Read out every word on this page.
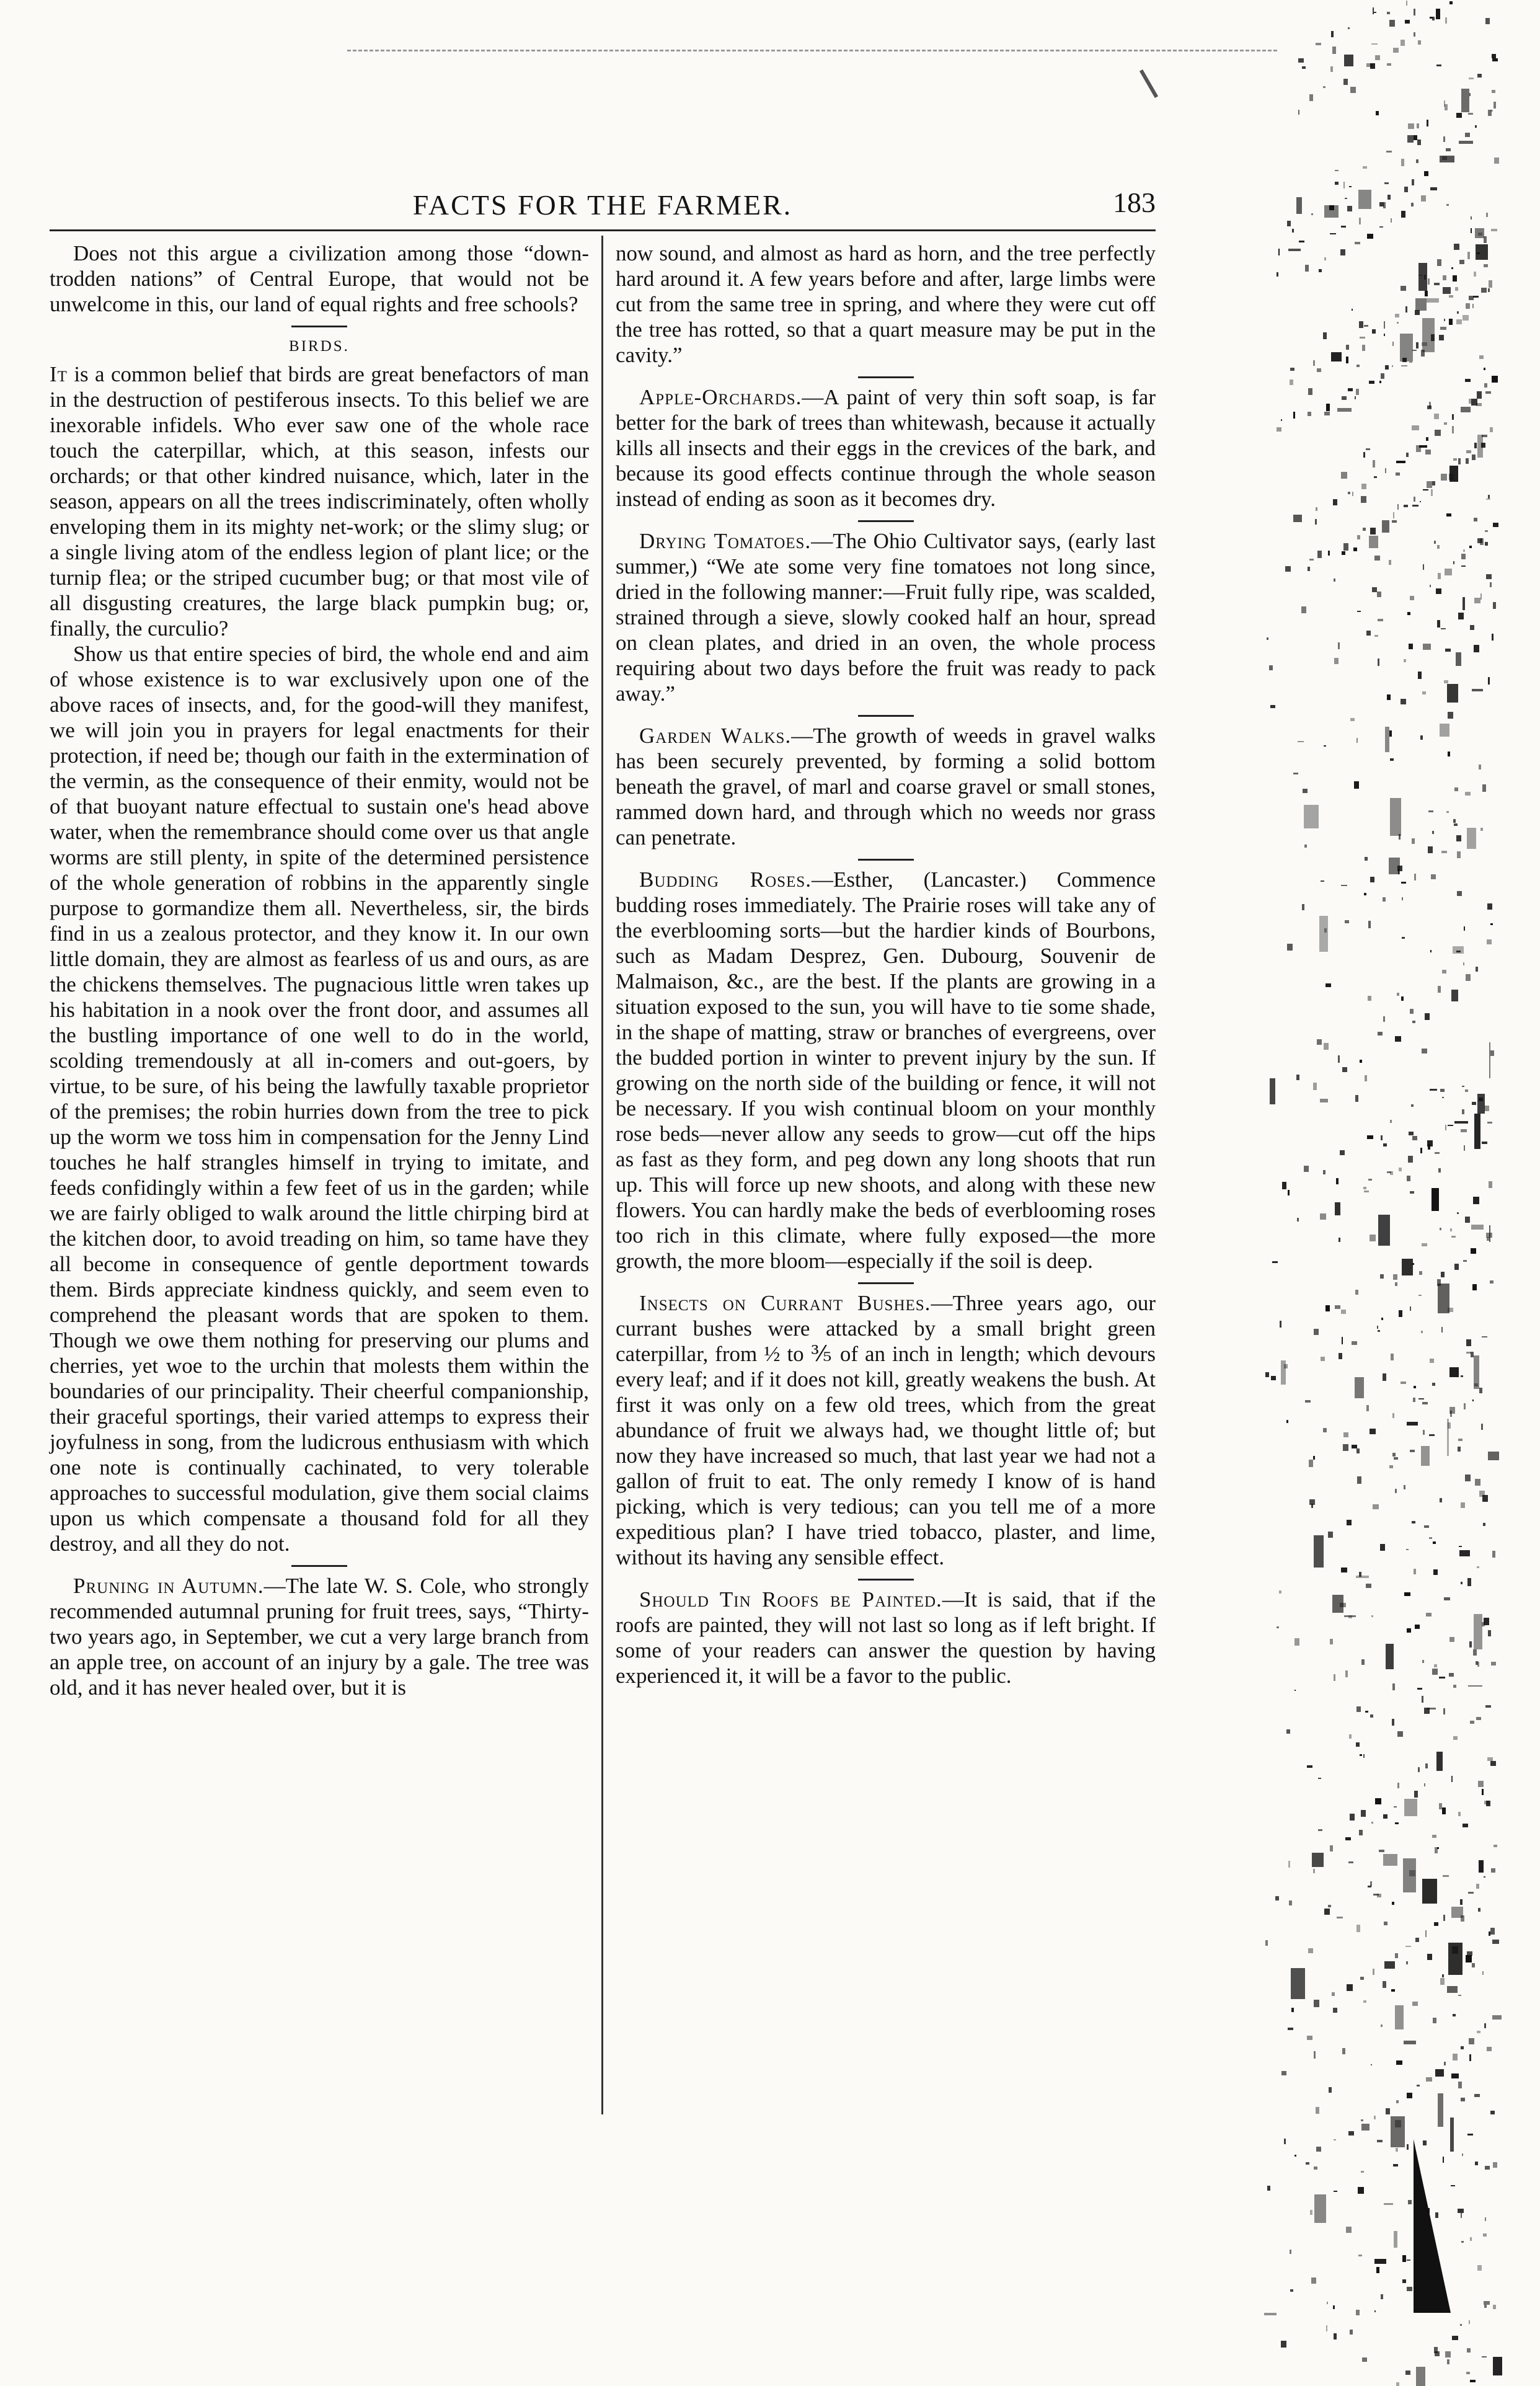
FACTS FOR THE FARMER.	183

Does not this argue a civilization among those “down-trodden nations” of Central Europe, that would not be unwelcome in this, our land of equal rights and free schools?

BIRDS.

It is a common belief that birds are great benefactors of man in the destruction of pestiferous insects. To this belief we are inexorable infidels. Who ever saw one of the whole race touch the caterpillar, which, at this season, infests our orchards; or that other kindred nuisance, which, later in the season, appears on all the trees indiscriminately, often wholly enveloping them in its mighty net-work; or the slimy slug; or a single living atom of the endless legion of plant lice; or the turnip flea; or the striped cucumber bug; or that most vile of all disgusting creatures, the large black pumpkin bug; or, finally, the curculio?

Show us that entire species of bird, the whole end and aim of whose existence is to war exclusively upon one of the above races of insects, and, for the good-will they manifest, we will join you in prayers for legal enactments for their protection, if need be; though our faith in the extermination of the vermin, as the consequence of their enmity, would not be of that buoyant nature effectual to sustain one's head above water, when the remembrance should come over us that angle worms are still plenty, in spite of the determined persistence of the whole generation of robbins in the apparently single purpose to gormandize them all. Nevertheless, sir, the birds find in us a zealous protector, and they know it. In our own little domain, they are almost as fearless of us and ours, as are the chickens themselves. The pugnacious little wren takes up his habitation in a nook over the front door, and assumes all the bustling importance of one well to do in the world, scolding tremendously at all in-comers and out-goers, by virtue, to be sure, of his being the lawfully taxable proprietor of the premises; the robin hurries down from the tree to pick up the worm we toss him in compensation for the Jenny Lind touches he half strangles himself in trying to imitate, and feeds confidingly within a few feet of us in the garden; while we are fairly obliged to walk around the little chirping bird at the kitchen door, to avoid treading on him, so tame have they all become in consequence of gentle deportment towards them. Birds appreciate kindness quickly, and seem even to comprehend the pleasant words that are spoken to them. Though we owe them nothing for preserving our plums and cherries, yet woe to the urchin that molests them within the boundaries of our principality. Their cheerful companionship, their graceful sportings, their varied attemps to express their joyfulness in song, from the ludicrous enthusiasm with which one note is continually cachinated, to very tolerable approaches to successful modulation, give them social claims upon us which compensate a thousand fold for all they destroy, and all they do not.

Pruning in Autumn.—The late W. S. Cole, who strongly recommended autumnal pruning for fruit trees, says, “Thirty-two years ago, in September, we cut a very large branch from an apple tree, on account of an injury by a gale. The tree was old, and it has never healed over, but it is

now sound, and almost as hard as horn, and the tree perfectly hard around it. A few years before and after, large limbs were cut from the same tree in spring, and where they were cut off the tree has rotted, so that a quart measure may be put in the cavity.”

Apple-Orchards.—A paint of very thin soft soap, is far better for the bark of trees than whitewash, because it actually kills all insects and their eggs in the crevices of the bark, and because its good effects continue through the whole season instead of ending as soon as it becomes dry.

Drying Tomatoes.—The Ohio Cultivator says, (early last summer,) “We ate some very fine tomatoes not long since, dried in the following manner:—Fruit fully ripe, was scalded, strained through a sieve, slowly cooked half an hour, spread on clean plates, and dried in an oven, the whole process requiring about two days before the fruit was ready to pack away.”

Garden Walks.—The growth of weeds in gravel walks has been securely prevented, by forming a solid bottom beneath the gravel, of marl and coarse gravel or small stones, rammed down hard, and through which no weeds nor grass can penetrate.

Budding Roses.—Esther, (Lancaster.) Commence budding roses immediately. The Prairie roses will take any of the everblooming sorts—but the hardier kinds of Bourbons, such as Madam Desprez, Gen. Dubourg, Souvenir de Malmaison, &c., are the best. If the plants are growing in a situation exposed to the sun, you will have to tie some shade, in the shape of matting, straw or branches of evergreens, over the budded portion in winter to prevent injury by the sun. If growing on the north side of the building or fence, it will not be necessary. If you wish continual bloom on your monthly rose beds—never allow any seeds to grow—cut off the hips as fast as they form, and peg down any long shoots that run up. This will force up new shoots, and along with these new flowers. You can hardly make the beds of everblooming roses too rich in this climate, where fully exposed—the more growth, the more bloom—especially if the soil is deep.

Insects on Currant Bushes.—Three years ago, our currant bushes were attacked by a small bright green caterpillar, from ½ to ⅗ of an inch in length; which devours every leaf; and if it does not kill, greatly weakens the bush. At first it was only on a few old trees, which from the great abundance of fruit we always had, we thought little of; but now they have increased so much, that last year we had not a gallon of fruit to eat. The only remedy I know of is hand picking, which is very tedious; can you tell me of a more expeditious plan? I have tried tobacco, plaster, and lime, without its having any sensible effect.

Should Tin Roofs be Painted.—It is said, that if the roofs are painted, they will not last so long as if left bright. If some of your readers can answer the question by having experienced it, it will be a favor to the public.
